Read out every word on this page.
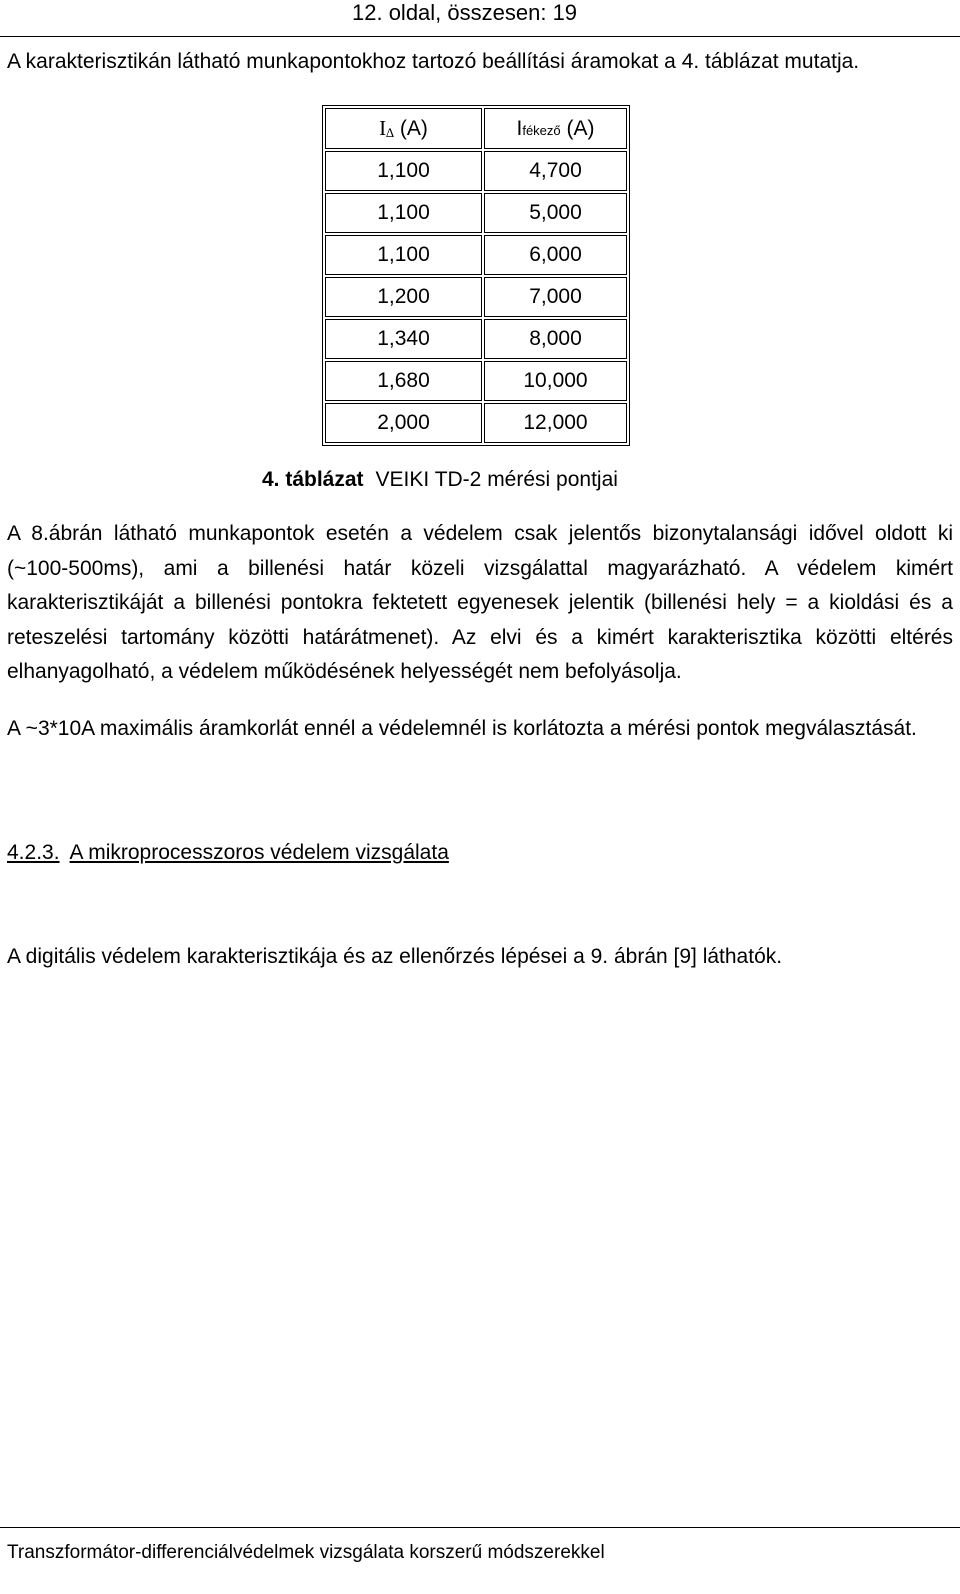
12. oldal, összesen: 19

A karakterisztikán látható munkapontokhoz tartozó beállítási áramokat a 4. táblázat mutatja.

I∆ (A)	Ifékező (A)
1,100	4,700
1,100	5,000
1,100	6,000
1,200	7,000
1,340	8,000
1,680	10,000
2,000	12,000
4. táblázat VEIKI TD-2 mérési pontjai

A 8.ábrán látható munkapontok esetén a védelem csak jelentős bizonytalansági idővel oldott ki (~100-500ms), ami a billenési határ közeli vizsgálattal magyarázható. A védelem kimért karakterisztikáját a billenési pontokra fektetett egyenesek jelentik (billenési hely = a kioldási és a reteszelési tartomány közötti határátmenet). Az elvi és a kimért karakterisztika közötti eltérés elhanyagolható, a védelem működésének helyességét nem befolyásolja.

A ~3*10A maximális áramkorlát ennél a védelemnél is korlátozta a mérési pontok megválasztását.

4.2.3. A mikroprocesszoros védelem vizsgálata

A digitális védelem karakterisztikája és az ellenőrzés lépései a 9. ábrán [9] láthatók.

Transzformátor-differenciálvédelmek vizsgálata korszerű módszerekkel
